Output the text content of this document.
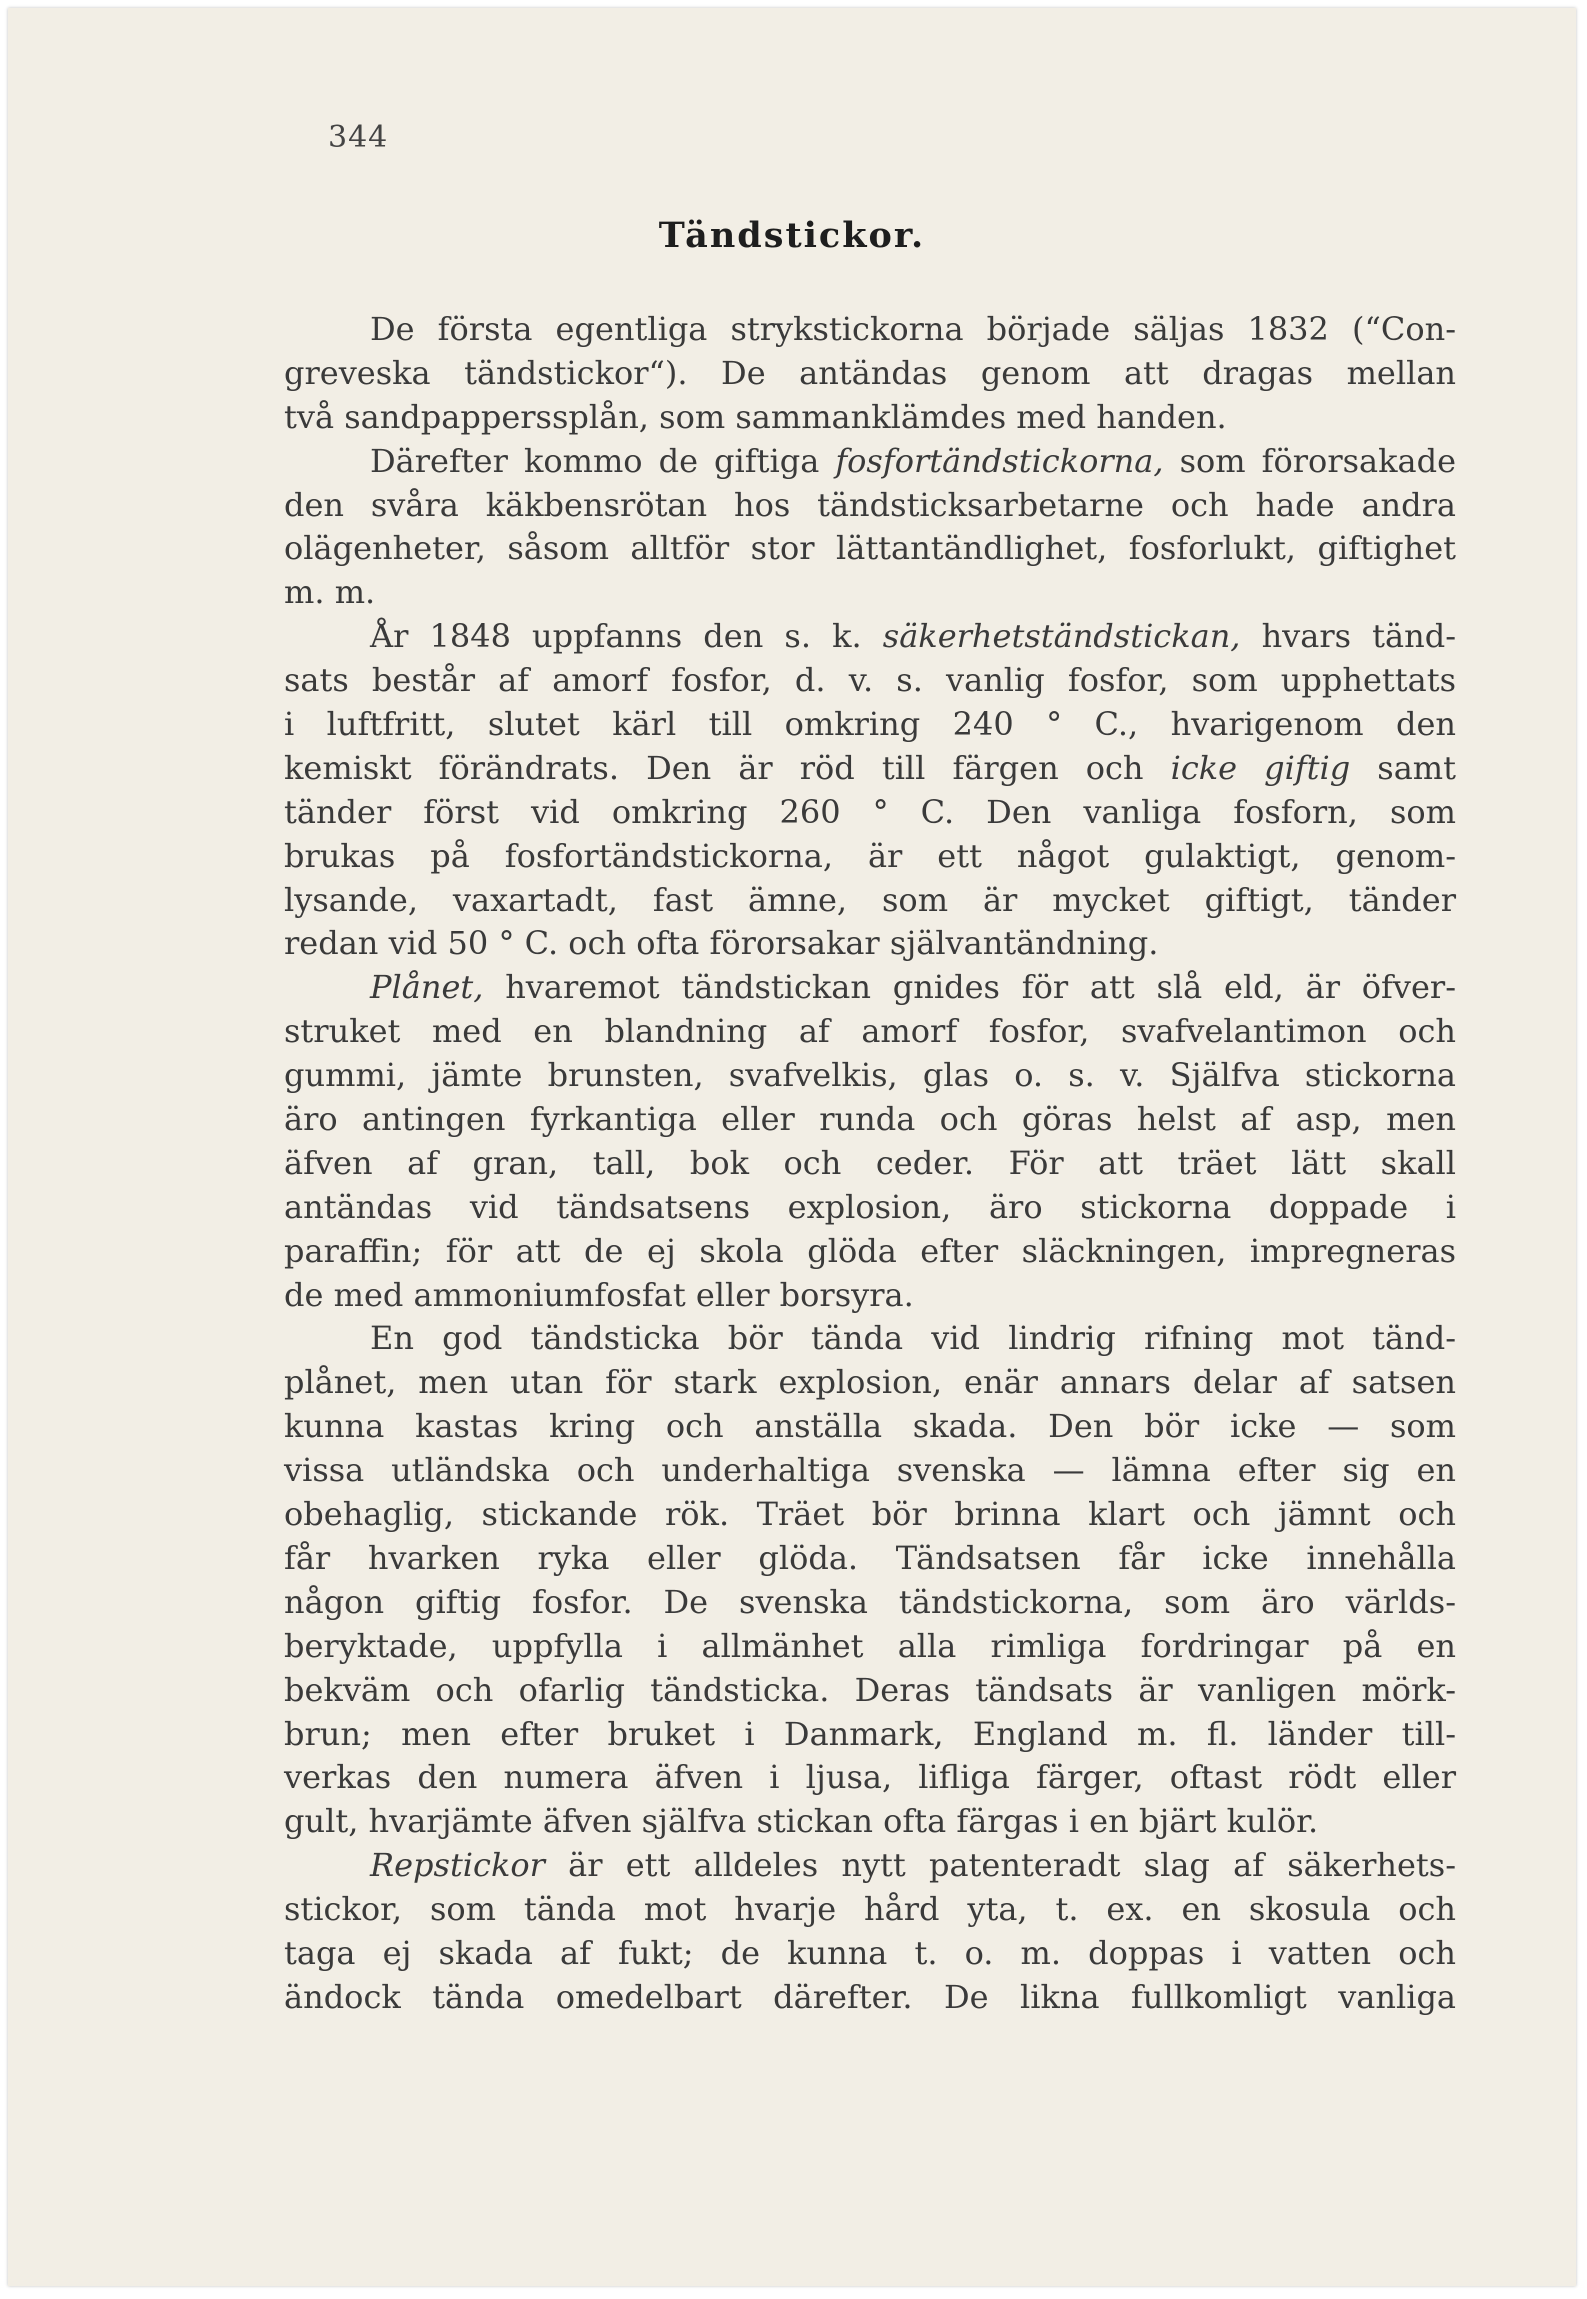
344
Tändstickor.
De första egentliga strykstickorna började säljas 1832 (“Con-
greveska tändstickor“). De antändas genom att dragas mellan
två sandpapperssplån, som sammanklämdes med handen.
Därefter kommo de giftiga fosfortändstickorna, som förorsakade
den svåra käkbensrötan hos tändsticksarbetarne och hade andra
olägenheter, såsom alltför stor lättantändlighet, fosforlukt, giftighet
m. m.
År 1848 uppfanns den s. k. säkerhetständstickan, hvars tänd-
sats består af amorf fosfor, d. v. s. vanlig fosfor, som upphettats
i luftfritt, slutet kärl till omkring 240 ° C., hvarigenom den
kemiskt förändrats. Den är röd till färgen och icke giftig samt
tänder först vid omkring 260 ° C. Den vanliga fosforn, som
brukas på fosfortändstickorna, är ett något gulaktigt, genom-
lysande, vaxartadt, fast ämne, som är mycket giftigt, tänder
redan vid 50 ° C. och ofta förorsakar självantändning.
Plånet, hvaremot tändstickan gnides för att slå eld, är öfver-
struket med en blandning af amorf fosfor, svafvelantimon och
gummi, jämte brunsten, svafvelkis, glas o. s. v. Själfva stickorna
äro antingen fyrkantiga eller runda och göras helst af asp, men
äfven af gran, tall, bok och ceder. För att träet lätt skall
antändas vid tändsatsens explosion, äro stickorna doppade i
paraffin; för att de ej skola glöda efter släckningen, impregneras
de med ammoniumfosfat eller borsyra.
En god tändsticka bör tända vid lindrig rifning mot tänd-
plånet, men utan för stark explosion, enär annars delar af satsen
kunna kastas kring och anställa skada. Den bör icke — som
vissa utländska och underhaltiga svenska — lämna efter sig en
obehaglig, stickande rök. Träet bör brinna klart och jämnt och
får hvarken ryka eller glöda. Tändsatsen får icke innehålla
någon giftig fosfor. De svenska tändstickorna, som äro världs-
beryktade, uppfylla i allmänhet alla rimliga fordringar på en
bekväm och ofarlig tändsticka. Deras tändsats är vanligen mörk-
brun; men efter bruket i Danmark, England m. fl. länder till-
verkas den numera äfven i ljusa, lifliga färger, oftast rödt eller
gult, hvarjämte äfven själfva stickan ofta färgas i en bjärt kulör.
Repstickor är ett alldeles nytt patenteradt slag af säkerhets-
stickor, som tända mot hvarje hård yta, t. ex. en skosula och
taga ej skada af fukt; de kunna t. o. m. doppas i vatten och
ändock tända omedelbart därefter. De likna fullkomligt vanliga
